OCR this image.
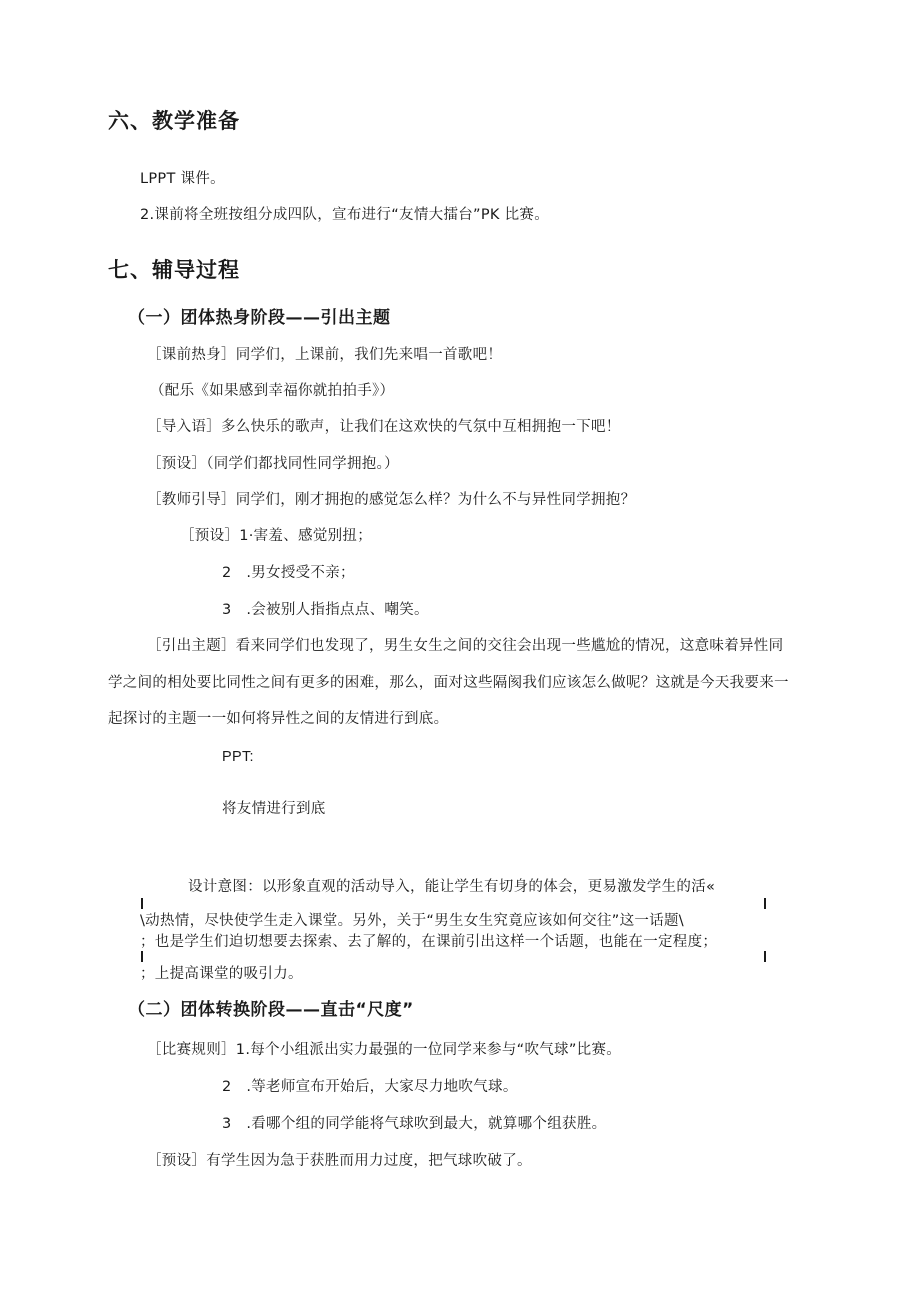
六、教学准备
LPPT 课件。
2.课前将全班按组分成四队，宣布进行“友情大擂台”PK 比赛。
七、辅导过程
（一）团体热身阶段——引出主题
［课前热身］同学们，上课前，我们先来唱一首歌吧！
（配乐《如果感到幸福你就拍拍手》）
［导入语］多么快乐的歌声，让我们在这欢快的气氛中互相拥抱一下吧！
［预设］（同学们都找同性同学拥抱。）
［教师引导］同学们，刚才拥抱的感觉怎么样？为什么不与异性同学拥抱？
［预设］1·害羞、感觉别扭；
2　.男女授受不亲；
3　.会被别人指指点点、嘲笑。
［引出主题］看来同学们也发现了，男生女生之间的交往会出现一些尴尬的情况，这意味着异性同
学之间的相处要比同性之间有更多的困难，那么，面对这些隔阂我们应该怎么做呢？这就是今天我要来一
起探讨的主题一一如何将异性之间的友情进行到底。
PPT:
将友情进行到底
设计意图：以形象直观的活动导入，能让学生有切身的体会，更易激发学生的活«
\动热情，尽快使学生走入课堂。另外，关于“男生女生究竟应该如何交往”这一话题\
；也是学生们迫切想要去探索、去了解的，在课前引出这样一个话题，也能在一定程度；
；上提高课堂的吸引力。
（二）团体转换阶段——直击“尺度”
［比赛规则］1.每个小组派出实力最强的一位同学来参与“吹气球”比赛。
2　.等老师宣布开始后，大家尽力地吹气球。
3　.看哪个组的同学能将气球吹到最大，就算哪个组获胜。
［预设］有学生因为急于获胜而用力过度，把气球吹破了。
